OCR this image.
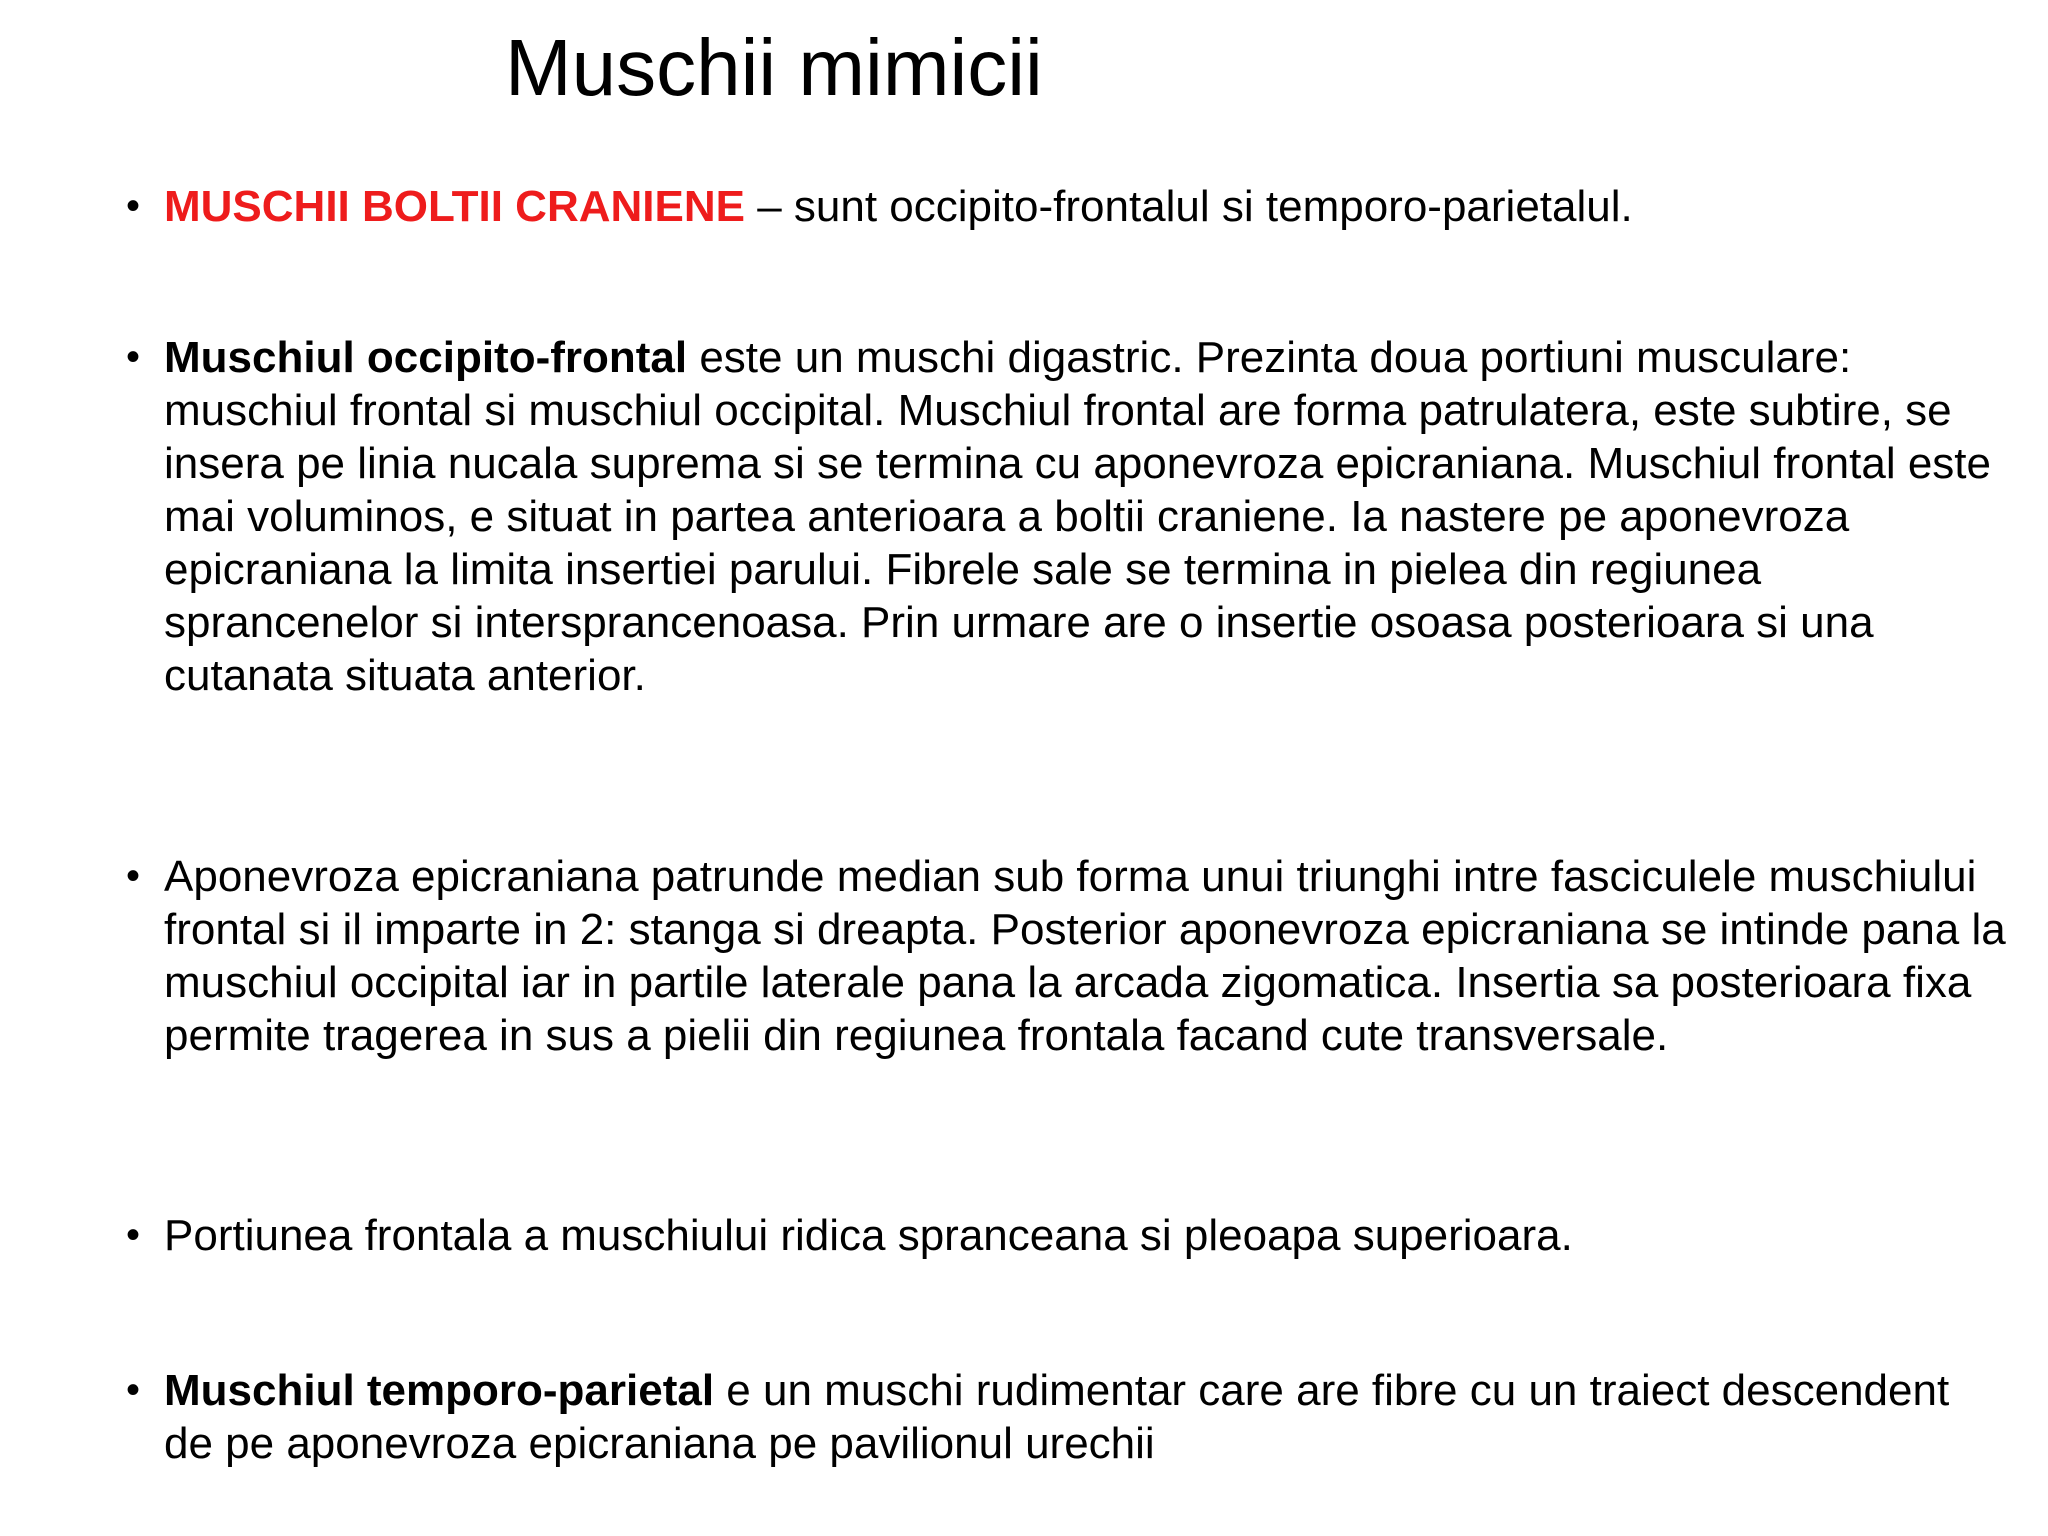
Muschii mimicii
• MUSCHII BOLTII CRANIENE – sunt occipito-frontalul si temporo-parietalul.

• Muschiul occipito-frontal este un muschi digastric. Prezinta doua portiuni musculare: muschiul frontal si muschiul occipital. Muschiul frontal are forma patrulatera, este subtire, se insera pe linia nucala suprema si se termina cu aponevroza epicraniana. Muschiul frontal este mai voluminos, e situat in partea anterioara a boltii craniene. Ia nastere pe aponevroza epicraniana la limita insertiei parului. Fibrele sale se termina in pielea din regiunea sprancenelor si intersprancenoasa. Prin urmare are o insertie osoasa posterioara si una cutanata situata anterior.

• Aponevroza epicraniana patrunde median sub forma unui triunghi intre fasciculele muschiului frontal si il imparte in 2: stanga si dreapta. Posterior aponevroza epicraniana se intinde pana la muschiul occipital iar in partile laterale pana la arcada zigomatica. Insertia sa posterioara fixa permite tragerea in sus a pielii din regiunea frontala facand cute transversale.

• Portiunea frontala a muschiului ridica spranceana si pleoapa superioara.

• Muschiul temporo-parietal e un muschi rudimentar care are fibre cu un traiect descendent de pe aponevroza epicraniana pe pavilionul urechii
